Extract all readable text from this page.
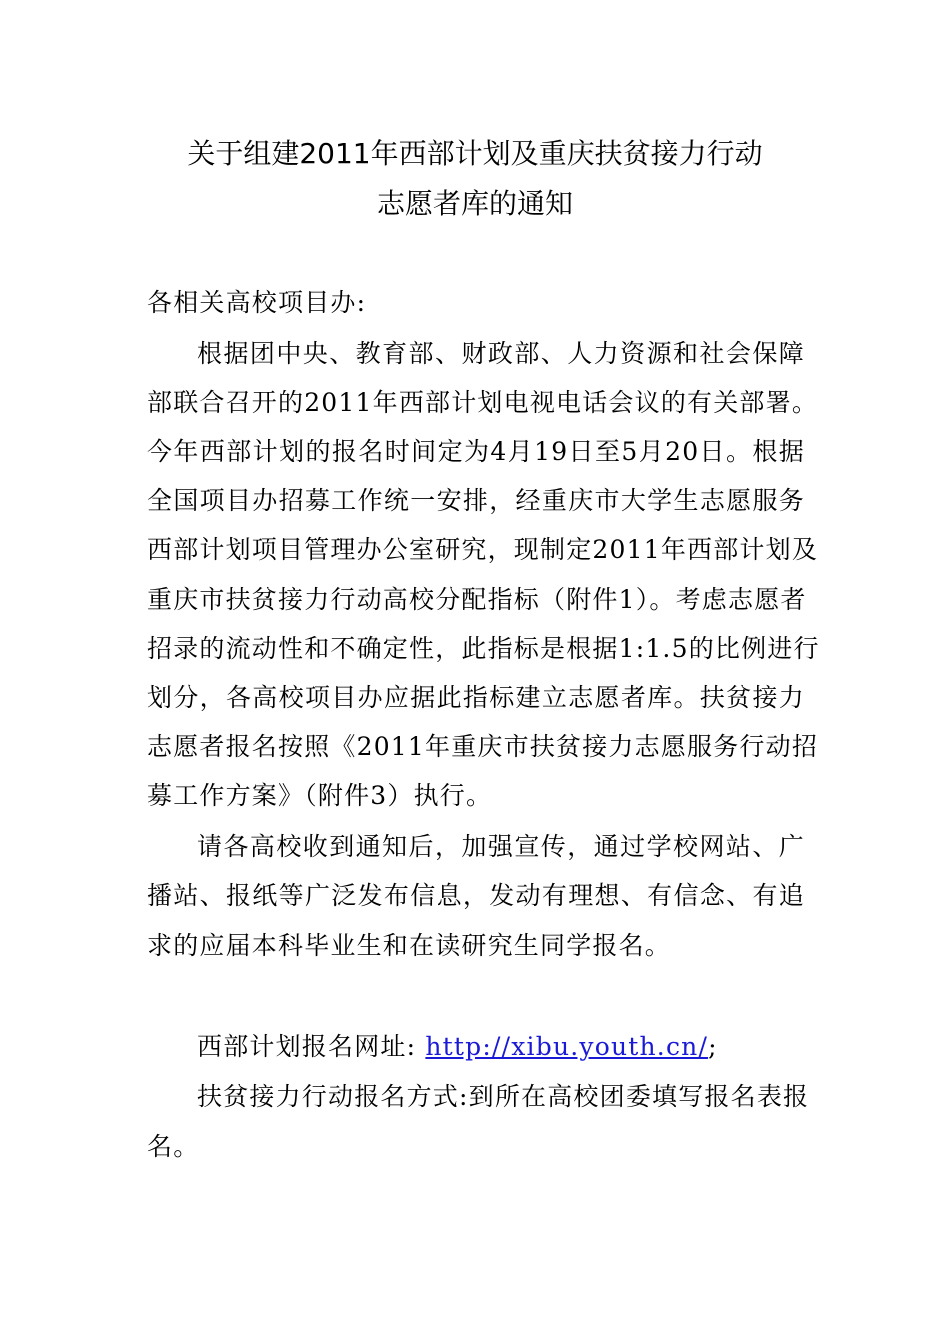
关于组建2011年西部计划及重庆扶贫接力行动
志愿者库的通知
各相关高校项目办:
根据团中央、教育部、财政部、人力资源和社会保障
部联合召开的2011年西部计划电视电话会议的有关部署。
今年西部计划的报名时间定为4月19日至5月20日。根据
全国项目办招募工作统一安排，经重庆市大学生志愿服务
西部计划项目管理办公室研究，现制定2011年西部计划及
重庆市扶贫接力行动高校分配指标（附件1）。考虑志愿者
招录的流动性和不确定性，此指标是根据1:1.5的比例进行
划分，各高校项目办应据此指标建立志愿者库。扶贫接力
志愿者报名按照《2011年重庆市扶贫接力志愿服务行动招
募工作方案》（附件3）执行。
请各高校收到通知后，加强宣传，通过学校网站、广
播站、报纸等广泛发布信息，发动有理想、有信念、有追
求的应届本科毕业生和在读研究生同学报名。
西部计划报名网址: http://xibu.youth.cn/;
扶贫接力行动报名方式:到所在高校团委填写报名表报
名。
